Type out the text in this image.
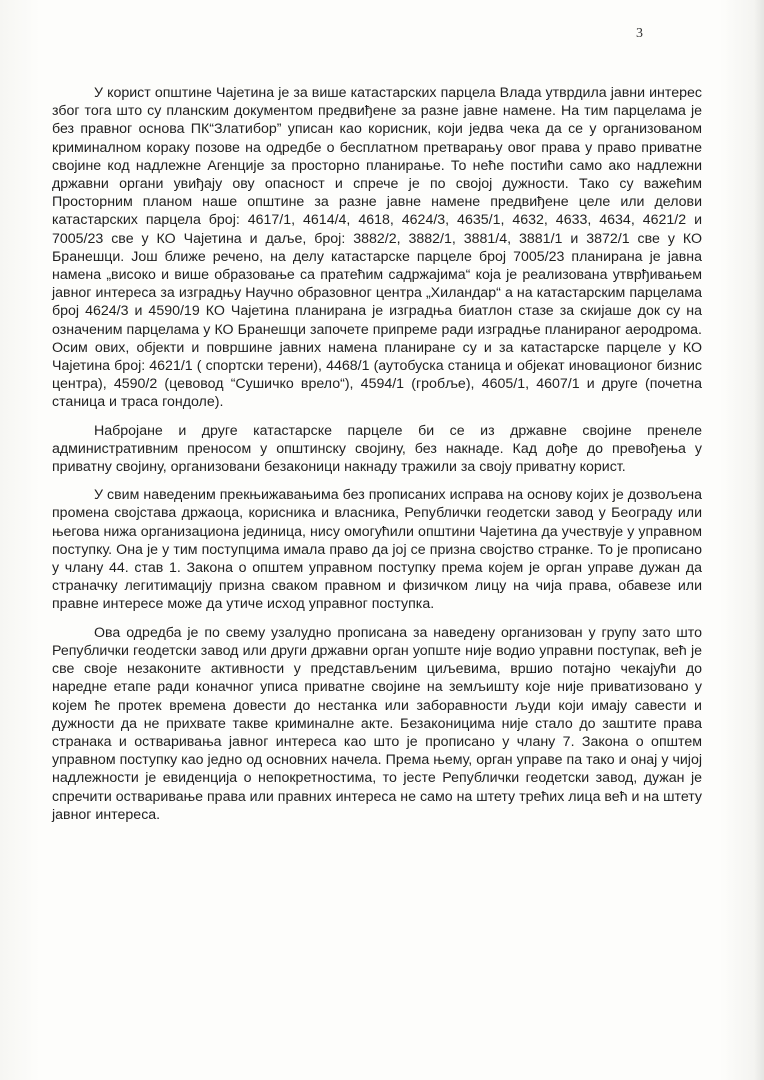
3

У корист општине Чајетина је за више катастарских парцела Влада утврдила јавни интерес због тога што су планским документом предвиђене за разне јавне намене. На тим парцелама је без правног основа ПК“Златибор” уписан као корисник, који једва чека да се у организованом криминалном кораку позове на одредбе о бесплатном претварању овог права у право приватне својине код надлежне Агенције за просторно планирање. То неће постићи само ако надлежни државни органи увиђају ову опасност и спрече је по својој дужности. Тако су важећим Просторним планом наше општине за разне јавне намене предвиђене целе или делови катастарских парцела број: 4617/1, 4614/4, 4618, 4624/3, 4635/1, 4632, 4633, 4634, 4621/2 и 7005/23 све у КО Чајетина и даље, број: 3882/2, 3882/1, 3881/4, 3881/1 и 3872/1 све у КО Бранешци. Још ближе речено, на делу катастарске парцеле број 7005/23 планирана је јавна намена „високо и више образовање са пратећим садржајима“ која је реализована утврђивањем јавног интереса за изградњу Научно образовног центра „Хиландар“ а на катастарским парцелама број 4624/3 и 4590/19 КО Чајетина планирана је изградња биатлон стазе за скијаше док су на означеним парцелама у КО Бранешци започете припреме ради изградње планираног аеродрома. Осим ових, објекти и површине јавних намена планиране су и за катастарске парцеле у КО Чајетина број: 4621/1 ( спортски терени), 4468/1 (аутобуска станица и објекат иновационог бизнис центра), 4590/2 (цевовод “Сушичко врело“), 4594/1 (гробље), 4605/1, 4607/1 и друге (почетна станица и траса гондоле).

Набројане и друге катастарске парцеле би се из државне својине пренеле административним преносом у општинску својину, без накнаде. Кад дође до превођења у приватну својину, организовани безаконици накнаду тражили за своју приватну корист.

У свим наведеним прекњижавањима без прописаних исправа на основу којих је дозвољена промена својстава држаоца, корисника и власника, Републички геодетски завод у Београду или његова нижа организациона јединица, нису омогућили општини Чајетина да учествује у управном поступку. Она је у тим поступцима имала право да јој се призна својство странке. То је прописано у члану 44. став 1. Закона о општем управном поступку према којем је орган управе дужан да страначку легитимацију призна сваком правном и физичком лицу на чија права, обавезе или правне интересе може да утиче исход управног поступка.

Ова одредба је по свему узалудно прописана за наведену организован у групу зато што Републички геодетски завод или други државни орган уопште није водио управни поступак, већ је све своје незаконите активности у представљеним циљевима, вршио потајно чекајући до наредне етапе ради коначног уписа приватне својине на земљишту које није приватизовано у којем ће протек времена довести до нестанка или заборавности људи који имају савести и дужности да не прихвате такве криминалне акте. Безаконицима није стало до заштите права странака и остваривања јавног интереса као што је прописано у члану 7. Закона о општем управном поступку као једно од основних начела. Према њему, орган управе па тако и онај у чијој надлежности је евиденција о непокретностима, то јесте Републички геодетски завод, дужан је спречити остваривање права или правних интереса не само на штету трећих лица већ и на штету јавног интереса.
